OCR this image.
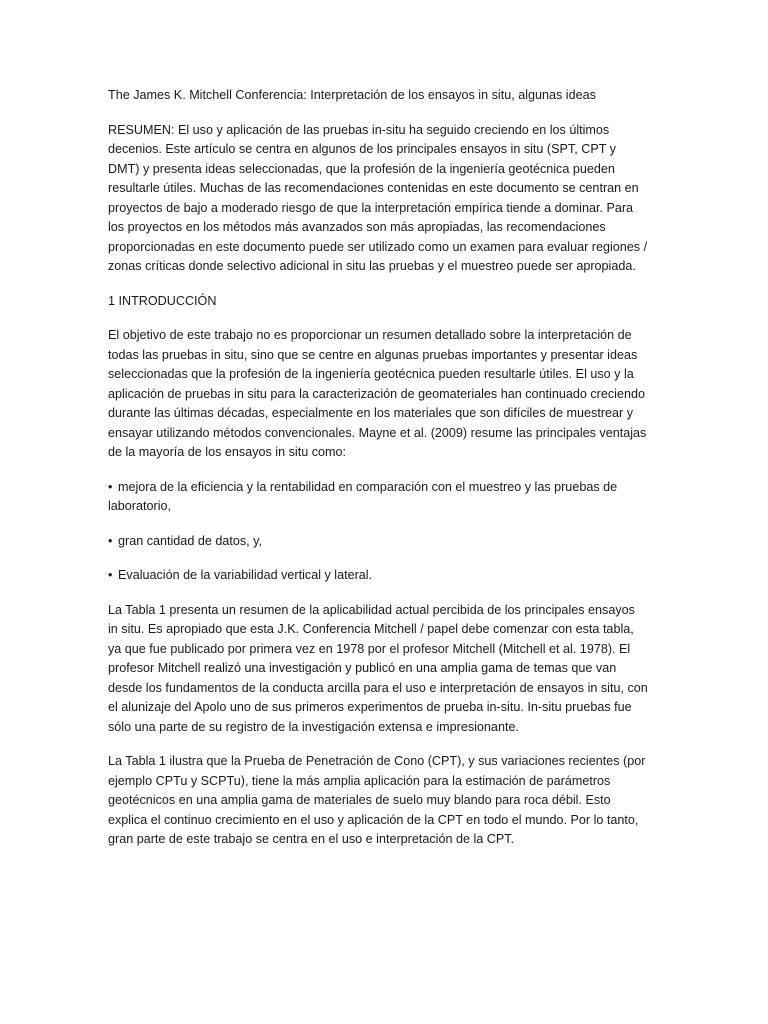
The James K. Mitchell Conferencia: Interpretación de los ensayos in situ, algunas ideas

RESUMEN: El uso y aplicación de las pruebas in-situ ha seguido creciendo en los últimos decenios. Este artículo se centra en algunos de los principales ensayos in situ (SPT, CPT y DMT) y presenta ideas seleccionadas, que la profesión de la ingeniería geotécnica pueden resultarle útiles. Muchas de las recomendaciones contenidas en este documento se centran en proyectos de bajo a moderado riesgo de que la interpretación empírica tiende a dominar. Para los proyectos en los métodos más avanzados son más apropiadas, las recomendaciones proporcionadas en este documento puede ser utilizado como un examen para evaluar regiones / zonas críticas donde selectivo adicional in situ las pruebas y el muestreo puede ser apropiada.

1 INTRODUCCIÓN

El objetivo de este trabajo no es proporcionar un resumen detallado sobre la interpretación de todas las pruebas in situ, sino que se centre en algunas pruebas importantes y presentar ideas seleccionadas que la profesión de la ingeniería geotécnica pueden resultarle útiles. El uso y la aplicación de pruebas in situ para la caracterización de geomateriales han continuado creciendo durante las últimas décadas, especialmente en los materiales que son difíciles de muestrear y ensayar utilizando métodos convencionales. Mayne et al. (2009) resume las principales ventajas de la mayoría de los ensayos in situ como:

• mejora de la eficiencia y la rentabilidad en comparación con el muestreo y las pruebas de laboratorio,

• gran cantidad de datos, y,

• Evaluación de la variabilidad vertical y lateral.

La Tabla 1 presenta un resumen de la aplicabilidad actual percibida de los principales ensayos in situ. Es apropiado que esta J.K. Conferencia Mitchell / papel debe comenzar con esta tabla, ya que fue publicado por primera vez en 1978 por el profesor Mitchell (Mitchell et al. 1978). El profesor Mitchell realizó una investigación y publicó en una amplia gama de temas que van desde los fundamentos de la conducta arcilla para el uso e interpretación de ensayos in situ, con el alunizaje del Apolo uno de sus primeros experimentos de prueba in-situ. In-situ pruebas fue sólo una parte de su registro de la investigación extensa e impresionante.

La Tabla 1 ilustra que la Prueba de Penetración de Cono (CPT), y sus variaciones recientes (por ejemplo CPTu y SCPTu), tiene la más amplia aplicación para la estimación de parámetros geotécnicos en una amplia gama de materiales de suelo muy blando para roca débil. Esto explica el continuo crecimiento en el uso y aplicación de la CPT en todo el mundo. Por lo tanto, gran parte de este trabajo se centra en el uso e interpretación de la CPT.
